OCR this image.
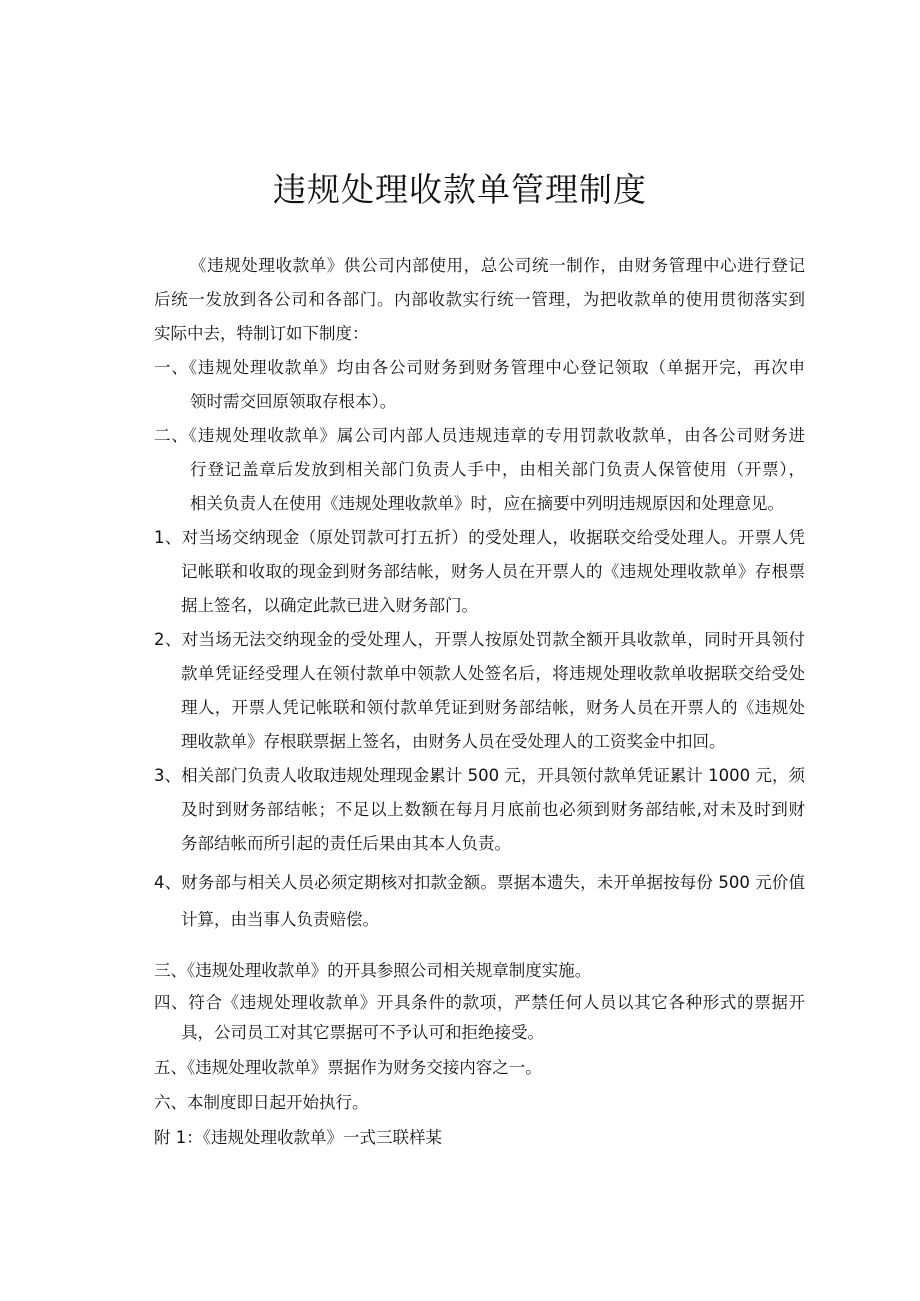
违规处理收款单管理制度

《违规处理收款单》供公司内部使用，总公司统一制作，由财务管理中心进行登记

后统一发放到各公司和各部门。内部收款实行统一管理，为把收款单的使用贯彻落实到

实际中去，特制订如下制度：

一、《违规处理收款单》均由各公司财务到财务管理中心登记领取（单据开完，再次申

领时需交回原领取存根本）。

二、《违规处理收款单》属公司内部人员违规违章的专用罚款收款单，由各公司财务进

行登记盖章后发放到相关部门负责人手中，由相关部门负责人保管使用（开票），

相关负责人在使用《违规处理收款单》时，应在摘要中列明违规原因和处理意见。

1、对当场交纳现金（原处罚款可打五折）的受处理人，收据联交给受处理人。开票人凭

记帐联和收取的现金到财务部结帐，财务人员在开票人的《违规处理收款单》存根票

据上签名，以确定此款已进入财务部门。

2、对当场无法交纳现金的受处理人，开票人按原处罚款全额开具收款单，同时开具领付

款单凭证经受理人在领付款单中领款人处签名后，将违规处理收款单收据联交给受处

理人，开票人凭记帐联和领付款单凭证到财务部结帐，财务人员在开票人的《违规处

理收款单》存根联票据上签名，由财务人员在受处理人的工资奖金中扣回。

3、相关部门负责人收取违规处理现金累计 500 元，开具领付款单凭证累计 1000 元，须

及时到财务部结帐；不足以上数额在每月月底前也必须到财务部结帐,对未及时到财

务部结帐而所引起的责任后果由其本人负责。

4、财务部与相关人员必须定期核对扣款金额。票据本遗失，未开单据按每份 500 元价值

计算，由当事人负责赔偿。

三、《违规处理收款单》的开具参照公司相关规章制度实施。

四、符合《违规处理收款单》开具条件的款项，严禁任何人员以其它各种形式的票据开

具，公司员工对其它票据可不予认可和拒绝接受。

五、《违规处理收款单》票据作为财务交接内容之一。

六、本制度即日起开始执行。

附 1：《违规处理收款单》一式三联样某
